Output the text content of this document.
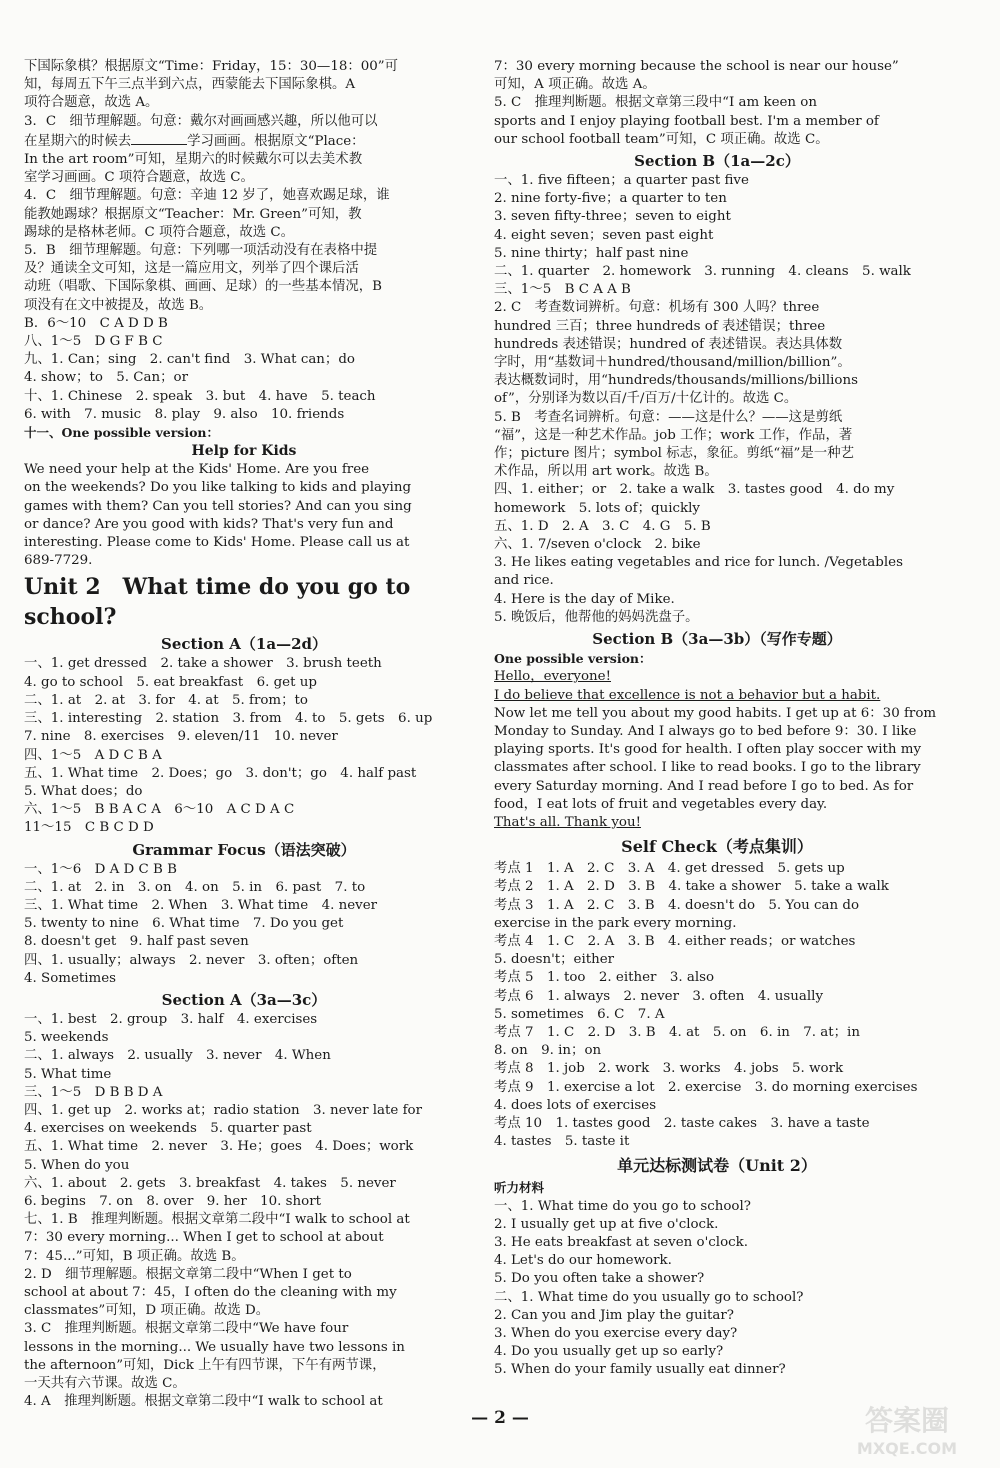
下国际象棋？根据原文“Time：Friday，15：30—18：00”可
知，每周五下午三点半到六点，西蒙能去下国际象棋。A
项符合题意，故选 A。
3．C　细节理解题。句意：戴尔对画画感兴趣，所以他可以
在星期六的时候去	学习画画。根据原文“Place：
In the art room”可知，星期六的时候戴尔可以去美术教
室学习画画。C 项符合题意，故选 C。
4．C　细节理解题。句意：辛迪 12 岁了，她喜欢踢足球，谁
能教她踢球？根据原文“Teacher：Mr. Green”可知，教
踢球的是格林老师。C 项符合题意，故选 C。
5．B　细节理解题。句意：下列哪一项活动没有在表格中提
及？通读全文可知，这是一篇应用文，列举了四个课后活
动班（唱歌、下国际象棋、画画、足球）的一些基本情况，B
项没有在文中被提及，故选 B。
B．6～10　C A D D B
八、1～5　D G F B C
九、1. Can；sing　2. can't find　3. What can；do
4. show；to　5. Can；or
十、1. Chinese　2. speak　3. but　4. have　5. teach
6. with　7. music　8. play　9. also　10. friends
十一、One possible version：
Help for Kids
We need your help at the Kids' Home. Are you free
on the weekends? Do you like talking to kids and playing
games with them? Can you tell stories? And can you sing
or dance? Are you good with kids? That's very fun and
interesting. Please come to Kids' Home. Please call us at
689-7729.
Unit 2　What time do you go to school?
Section A（1a—2d）
一、1. get dressed　2. take a shower　3. brush teeth
4. go to school　5. eat breakfast　6. get up
二、1. at　2. at　3. for　4. at　5. from；to
三、1. interesting　2. station　3. from　4. to　5. gets　6. up
7. nine　8. exercises　9. eleven/11　10. never
四、1～5　A D C B A
五、1. What time　2. Does；go　3. don't；go　4. half past
5. What does；do
六、1～5　B B A C A　6～10　A C D A C
11～15　C B C D D
Grammar Focus（语法突破）
一、1～6　D A D C B B
二、1. at　2. in　3. on　4. on　5. in　6. past　7. to
三、1. What time　2. When　3. What time　4. never
5. twenty to nine　6. What time　7. Do you get
8. doesn't get　9. half past seven
四、1. usually；always　2. never　3. often；often
4. Sometimes
Section A（3a—3c）
一、1. best　2. group　3. half　4. exercises
5. weekends
二、1. always　2. usually　3. never　4. When
5. What time
三、1～5　D B B D A
四、1. get up　2. works at；radio station　3. never late for
4. exercises on weekends　5. quarter past
五、1. What time　2. never　3. He；goes　4. Does；work
5. When do you
六、1. about　2. gets　3. breakfast　4. takes　5. never
6. begins　7. on　8. over　9. her　10. short
七、1. B　推理判断题。根据文章第二段中“I walk to school at
7：30 every morning... When I get to school at about
7：45...”可知，B 项正确。故选 B。
2. D　细节理解题。根据文章第二段中“When I get to
school at about 7：45，I often do the cleaning with my
classmates”可知，D 项正确。故选 D。
3. C　推理判断题。根据文章第二段中“We have four
lessons in the morning... We usually have two lessons in
the afternoon”可知，Dick 上午有四节课，下午有两节课，
一天共有六节课。故选 C。
4. A　推理判断题。根据文章第二段中“I walk to school at
7：30 every morning because the school is near our house”
可知，A 项正确。故选 A。
5. C　推理判断题。根据文章第三段中“I am keen on
sports and I enjoy playing football best. I'm a member of
our school football team”可知，C 项正确。故选 C。
Section B（1a—2c）
一、1. five fifteen；a quarter past five
2. nine forty-five；a quarter to ten
3. seven fifty-three；seven to eight
4. eight seven；seven past eight
5. nine thirty；half past nine
二、1. quarter　2. homework　3. running　4. cleans　5. walk
三、1～5　B C A A B
2. C　考查数词辨析。句意：机场有 300 人吗？three
hundred 三百；three hundreds of 表述错误；three
hundreds 表述错误；hundred of 表述错误。表达具体数
字时，用“基数词＋hundred/thousand/million/billion”。
表达概数词时，用“hundreds/thousands/millions/billions
of”，分别译为数以百/千/百万/十亿计的。故选 C。
5. B　考查名词辨析。句意：——这是什么？——这是剪纸
“福”，这是一种艺术作品。job 工作；work 工作，作品，著
作；picture 图片；symbol 标志，象征。剪纸“福”是一种艺
术作品，所以用 art work。故选 B。
四、1. either；or　2. take a walk　3. tastes good　4. do my
homework　5. lots of；quickly
五、1. D　2. A　3. C　4. G　5. B
六、1. 7/seven o'clock　2. bike
3. He likes eating vegetables and rice for lunch. /Vegetables
and rice.
4. Here is the day of Mike.
5. 晚饭后，他帮他的妈妈洗盘子。
Section B（3a—3b）（写作专题）
One possible version：
Hello，everyone!
I do believe that excellence is not a behavior but a habit.
Now let me tell you about my good habits. I get up at 6：30 from
Monday to Sunday. And I always go to bed before 9：30. I like
playing sports. It's good for health. I often play soccer with my
classmates after school. I like to read books. I go to the library
every Saturday morning. And I read before I go to bed. As for
food，I eat lots of fruit and vegetables every day.
That's all. Thank you!
Self Check（考点集训）
考点 1　1. A　2. C　3. A　4. get dressed　5. gets up
考点 2　1. A　2. D　3. B　4. take a shower　5. take a walk
考点 3　1. A　2. C　3. B　4. doesn't do　5. You can do
exercise in the park every morning.
考点 4　1. C　2. A　3. B　4. either reads；or watches
5. doesn't；either
考点 5　1. too　2. either　3. also
考点 6　1. always　2. never　3. often　4. usually
5. sometimes　6. C　7. A
考点 7　1. C　2. D　3. B　4. at　5. on　6. in　7. at；in
8. on　9. in；on
考点 8　1. job　2. work　3. works　4. jobs　5. work
考点 9　1. exercise a lot　2. exercise　3. do morning exercises
4. does lots of exercises
考点 10　1. tastes good　2. taste cakes　3. have a taste
4. tastes　5. taste it
单元达标测试卷（Unit 2）
听力材料
一、1. What time do you go to school?
2. I usually get up at five o'clock.
3. He eats breakfast at seven o'clock.
4. Let's do our homework.
5. Do you often take a shower?
二、1. What time do you usually go to school?
2. Can you and Jim play the guitar?
3. When do you exercise every day?
4. Do you usually get up so early?
5. When do your family usually eat dinner?
— 2 —	答案圈
MXQE.COM
